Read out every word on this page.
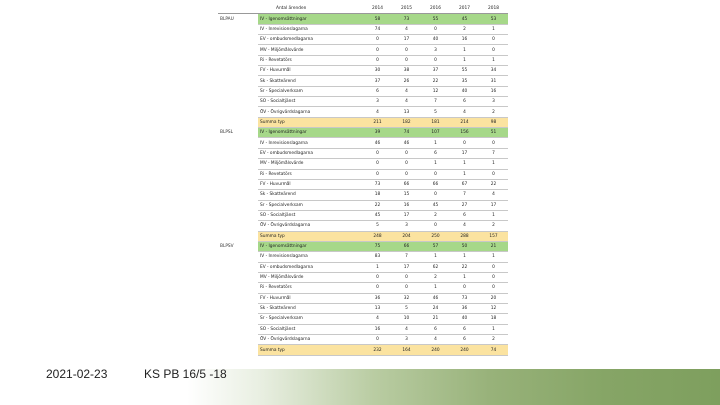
	Antal ärenden	2014	2015	2016	2017	2018
BLPAU	IV - Igenomsättningar	58	73	55	45	53
	IV - Inrevisionslagarna	74	4	0	2	1
	EV - ombudsmedlagarna	0	17	40	16	0
	MV - Miljömålsvärde	0	0	3	1	0
	Ri - Revetatörs	0	0	0	1	1
	FV - Huvurmål	30	38	37	55	34
	Sk - Skatteärend	37	26	22	35	31
	Sr - Specialverksam	6	4	12	40	16
	SO - Socialtjänst	3	4	7	6	3
	ÖV - Övrigvärdslagarna	4	13	5	4	2
	Summa typ	211	182	181	214	98
BLPSL	IV - Igenomsättningar	39	74	107	156	51
	IV - Inrevisionslagarna	46	46	1	0	0
	EV - ombudsmedlagarna	0	0	6	17	7
	MV - Miljömålsvärde	0	0	1	1	1
	Ri - Revetatörs	0	0	0	1	0
	FV - Huvurmål	73	66	66	67	22
	Sk - Skatteärend	18	15	0	7	4
	Sr - Specialverksam	22	16	45	27	17
	SO - Socialtjänst	45	17	2	6	1
	ÖV - Övrigvärdslagarna	5	3	0	4	2
	Summa typ	248	204	250	288	157
BLPSV	IV - Igenomsättningar	75	66	57	50	21
	IV - Inrevisionslagarna	83	7	1	1	1
	EV - ombudsmedlagarna	1	17	62	22	0
	MV - Miljömålsvärde	0	0	2	1	0
	Ri - Revetatörs	0	0	1	0	0
	FV - Huvurmål	36	32	46	73	20
	Sk - Skatteärend	13	5	24	36	12
	Sr - Specialverksam	4	10	21	40	18
	SO - Socialtjänst	16	4	6	6	1
	ÖV - Övrigvärdslagarna	0	3	4	6	2
	Summa typ	232	164	240	240	74
2021-02-23	KS PB 16/5 -18
